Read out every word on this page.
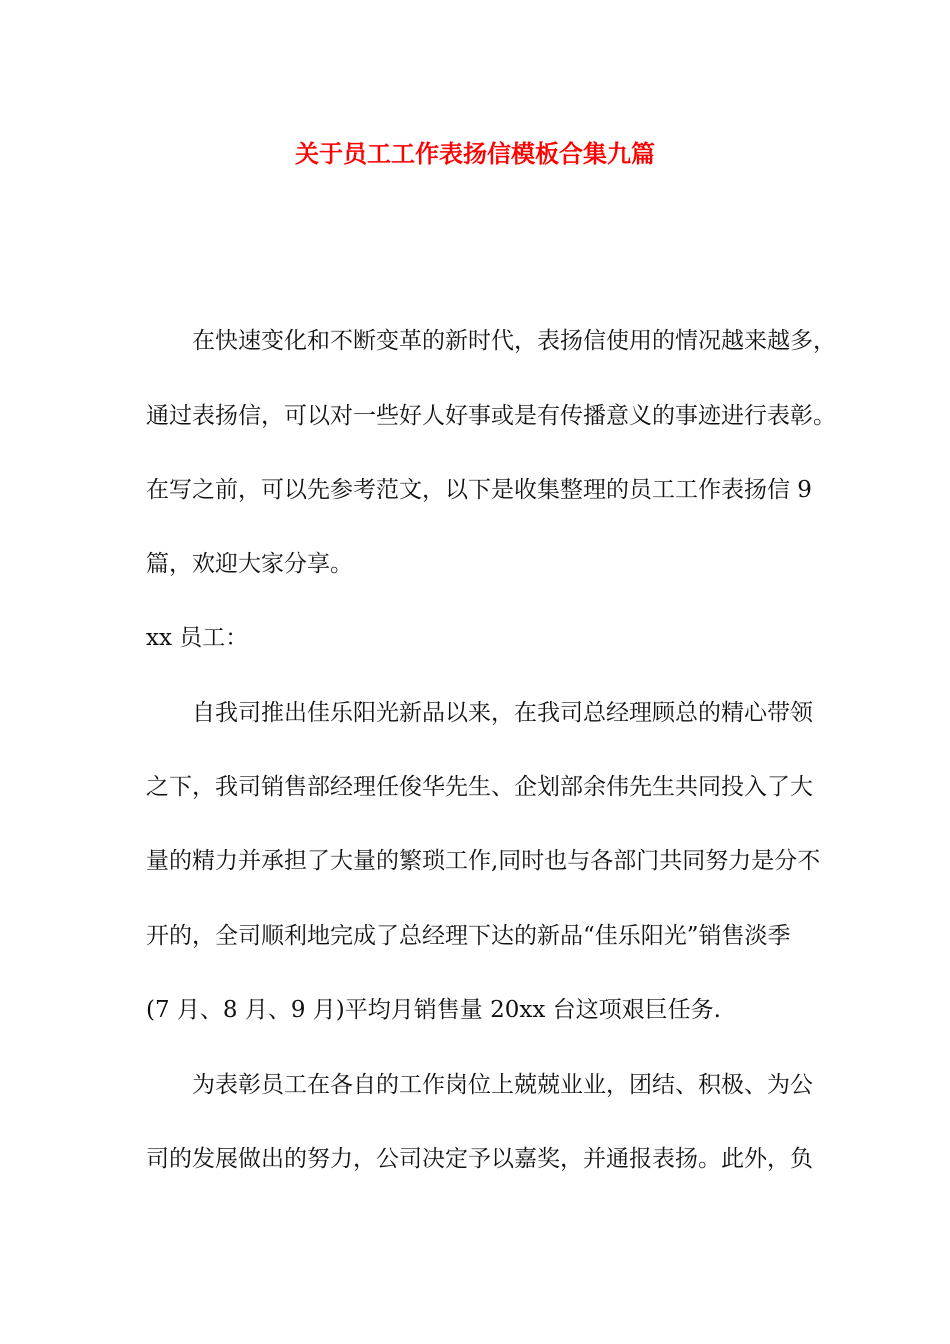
关于员工工作表扬信模板合集九篇

在快速变化和不断变革的新时代，表扬信使用的情况越来越多，

通过表扬信，可以对一些好人好事或是有传播意义的事迹进行表彰。

在写之前，可以先参考范文，以下是收集整理的员工工作表扬信 9

篇，欢迎大家分享。

xx 员工：

自我司推出佳乐阳光新品以来，在我司总经理顾总的精心带领

之下，我司销售部经理任俊华先生、企划部余伟先生共同投入了大

量的精力并承担了大量的繁琐工作,同时也与各部门共同努力是分不

开的，全司顺利地完成了总经理下达的新品“佳乐阳光”销售淡季

(7 月、8 月、9 月)平均月销售量 20xx 台这项艰巨任务.

为表彰员工在各自的工作岗位上兢兢业业，团结、积极、为公

司的发展做出的努力，公司决定予以嘉奖，并通报表扬。此外，负
